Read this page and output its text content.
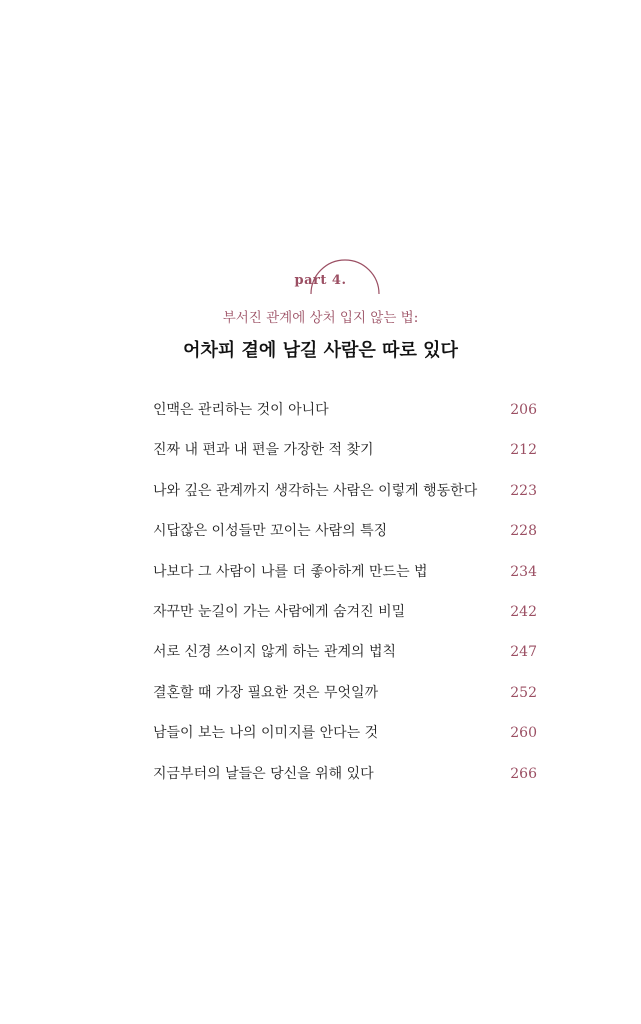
part 4.
부서진 관계에 상처 입지 않는 법:
어차피 곁에 남길 사람은 따로 있다
인맥은 관리하는 것이 아니다	206
진짜 내 편과 내 편을 가장한 적 찾기	212
나와 깊은 관계까지 생각하는 사람은 이렇게 행동한다 223
시답잖은 이성들만 꼬이는 사람의 특징	228
나보다 그 사람이 나를 더 좋아하게 만드는 법	234
자꾸만 눈길이 가는 사람에게 숨겨진 비밀	242
서로 신경 쓰이지 않게 하는 관계의 법칙	247
결혼할 때 가장 필요한 것은 무엇일까	252
남들이 보는 나의 이미지를 안다는 것	260
지금부터의 날들은 당신을 위해 있다	266
